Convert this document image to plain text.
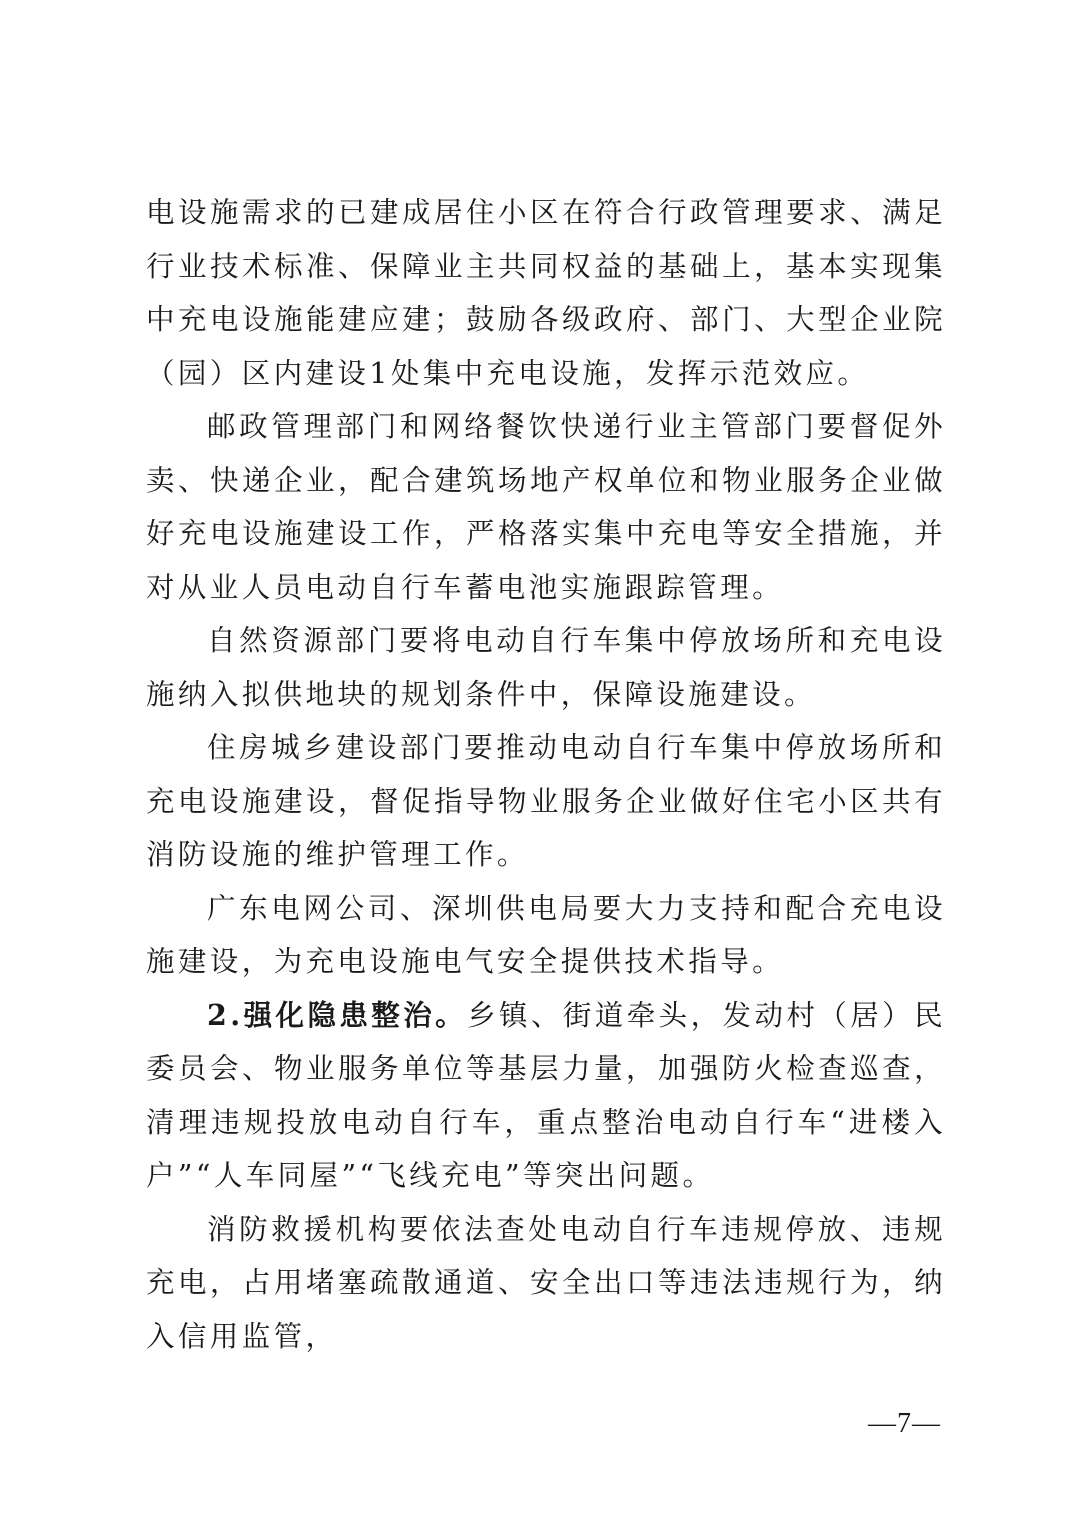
电设施需求的已建成居住小区在符合行政管理要求、满足行业技术标准、保障业主共同权益的基础上，基本实现集中充电设施能建应建；鼓励各级政府、部门、大型企业院（园）区内建设1处集中充电设施，发挥示范效应。

邮政管理部门和网络餐饮快递行业主管部门要督促外卖、快递企业，配合建筑场地产权单位和物业服务企业做好充电设施建设工作，严格落实集中充电等安全措施，并对从业人员电动自行车蓄电池实施跟踪管理。

自然资源部门要将电动自行车集中停放场所和充电设施纳入拟供地块的规划条件中，保障设施建设。

住房城乡建设部门要推动电动自行车集中停放场所和充电设施建设，督促指导物业服务企业做好住宅小区共有消防设施的维护管理工作。

广东电网公司、深圳供电局要大力支持和配合充电设施建设，为充电设施电气安全提供技术指导。

2.强化隐患整治。乡镇、街道牵头，发动村（居）民委员会、物业服务单位等基层力量，加强防火检查巡查，清理违规投放电动自行车，重点整治电动自行车“进楼入户”“人车同屋”“飞线充电”等突出问题。

消防救援机构要依法查处电动自行车违规停放、违规充电，占用堵塞疏散通道、安全出口等违法违规行为，纳入信用监管，

—7—
